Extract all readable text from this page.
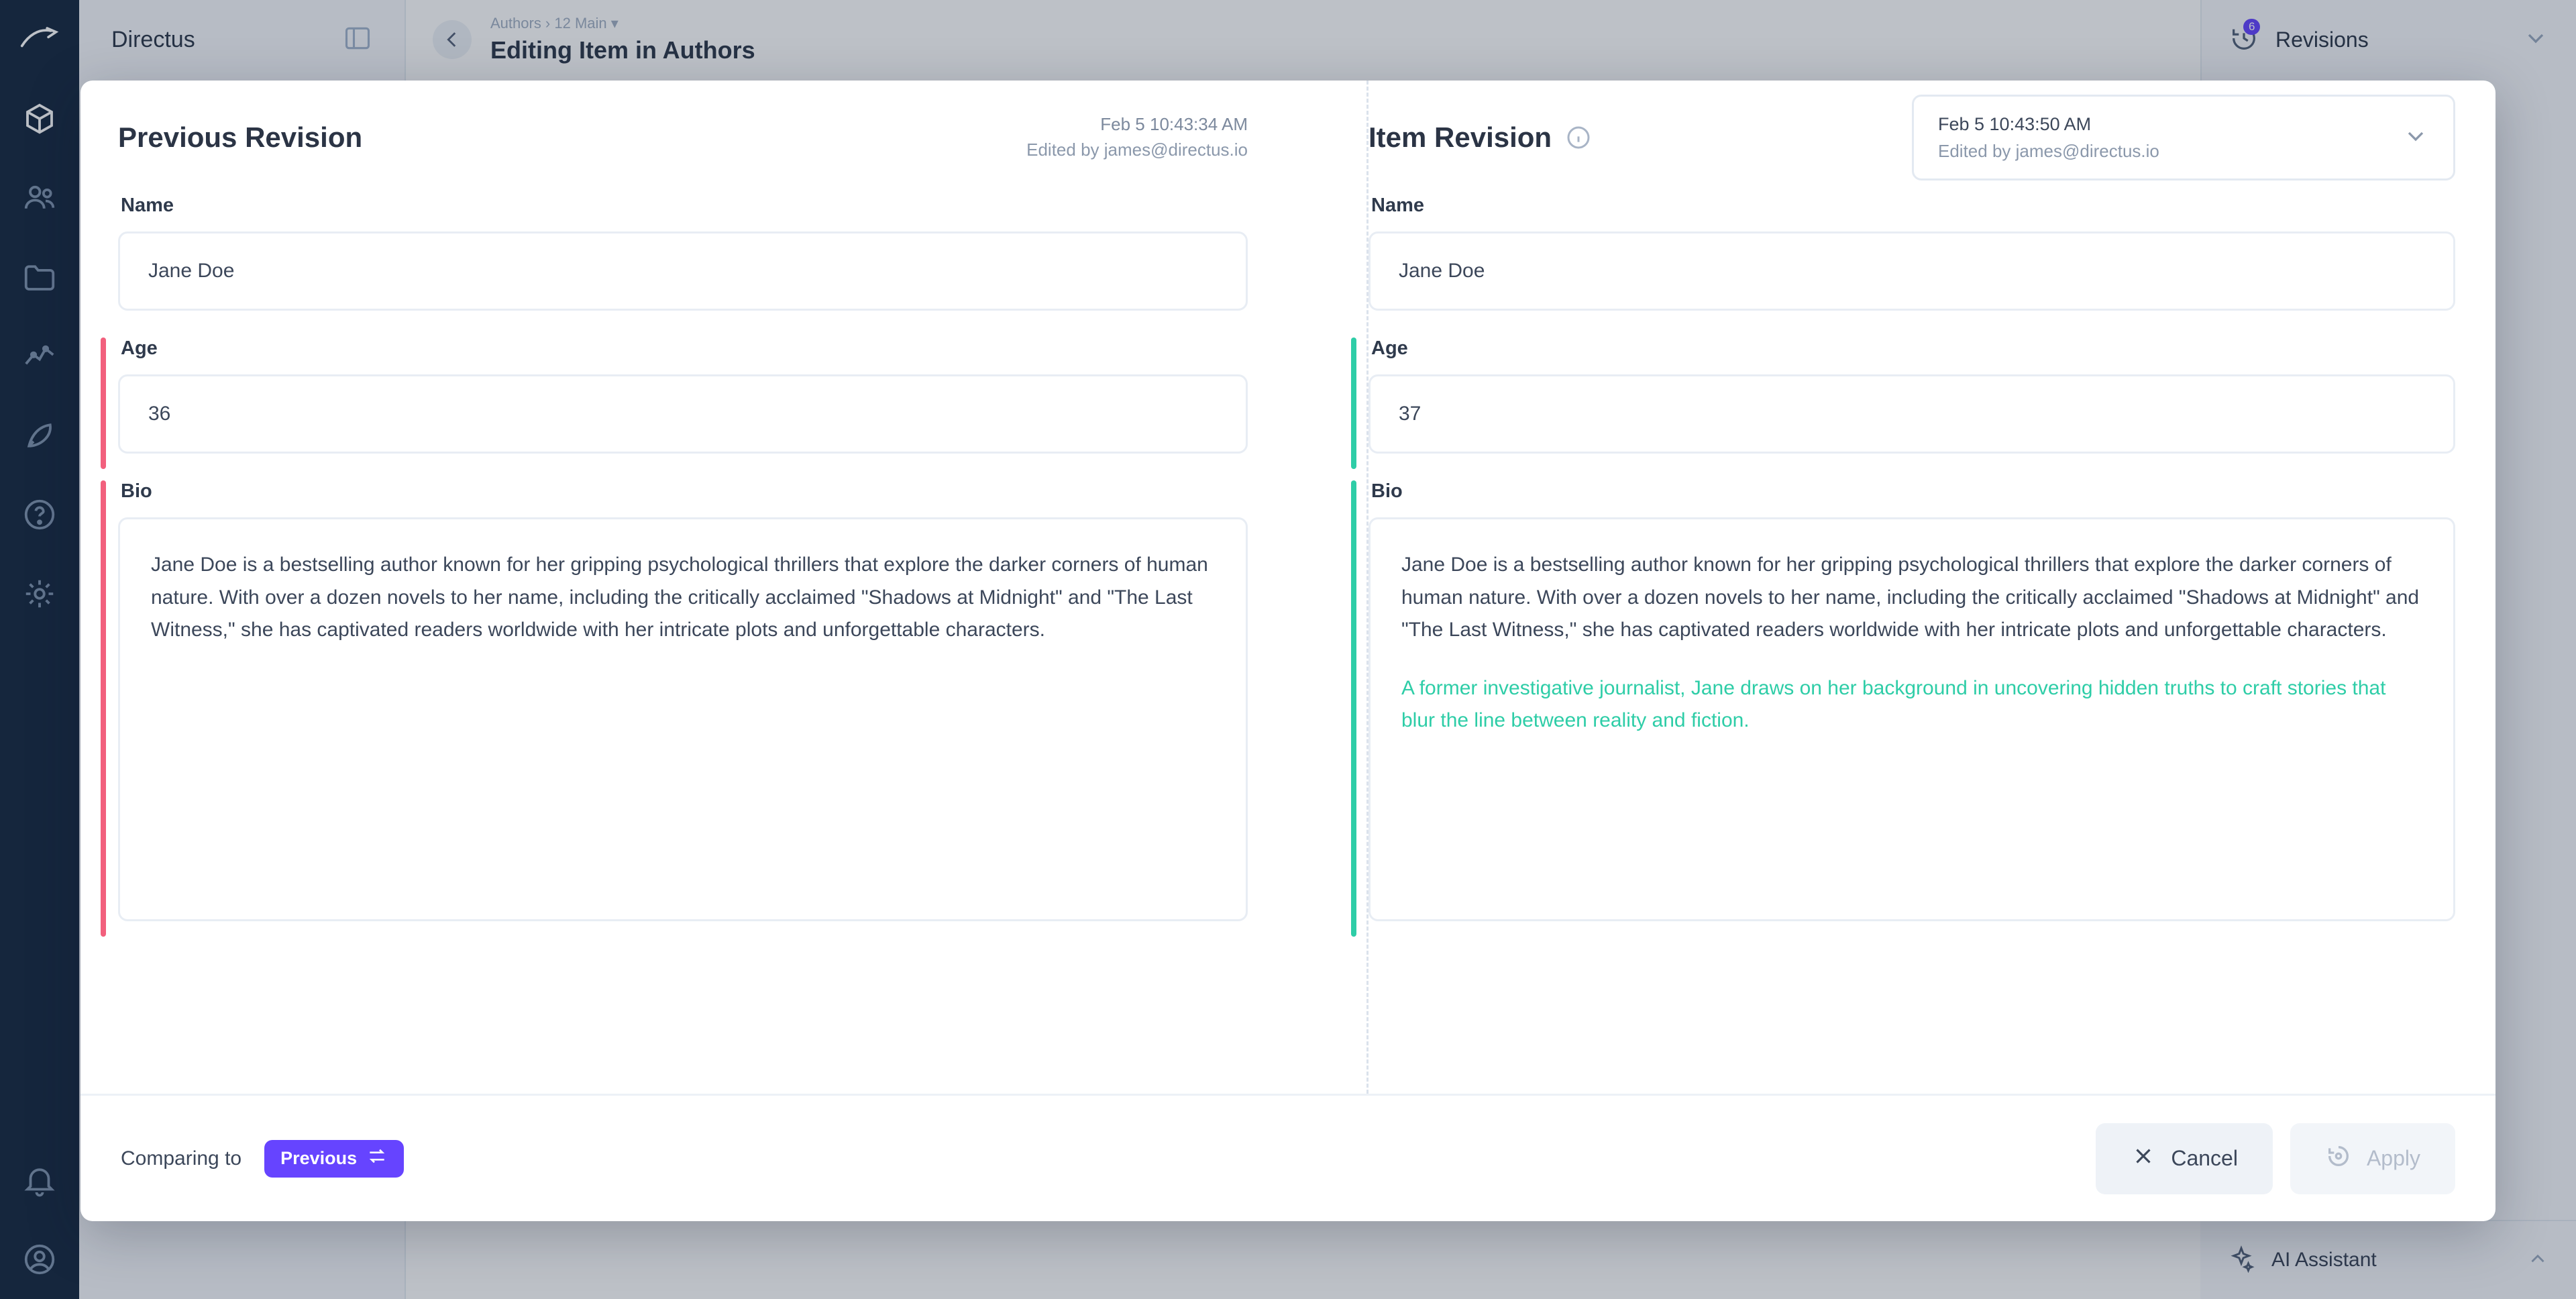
Directus
Authors › 12 Main ▾
Editing Item in Authors
6
Revisions
AI Assistant
Previous Revision	Feb 5 10:43:34 AM
Edited by james@directus.io
Name
Jane Doe
Age
36
Bio

Jane Doe is a bestselling author known for her gripping psychological thrillers that explore the darker corners of human nature. With over a dozen novels to her name, including the critically acclaimed "Shadows at Midnight" and "The Last Witness," she has captivated readers worldwide with her intricate plots and unforgettable characters.

Item Revision	Feb 5 10:43:50 AM
Edited by james@directus.io
Name
Jane Doe
Age
37
Bio

Jane Doe is a bestselling author known for her gripping psychological thrillers that explore the darker corners of human nature. With over a dozen novels to her name, including the critically acclaimed "Shadows at Midnight" and "The Last Witness," she has captivated readers worldwide with her intricate plots and unforgettable characters.

A former investigative journalist, Jane draws on her background in uncovering hidden truths to craft stories that blur the line between reality and fiction.

Comparing to Previous	Cancel	Apply
